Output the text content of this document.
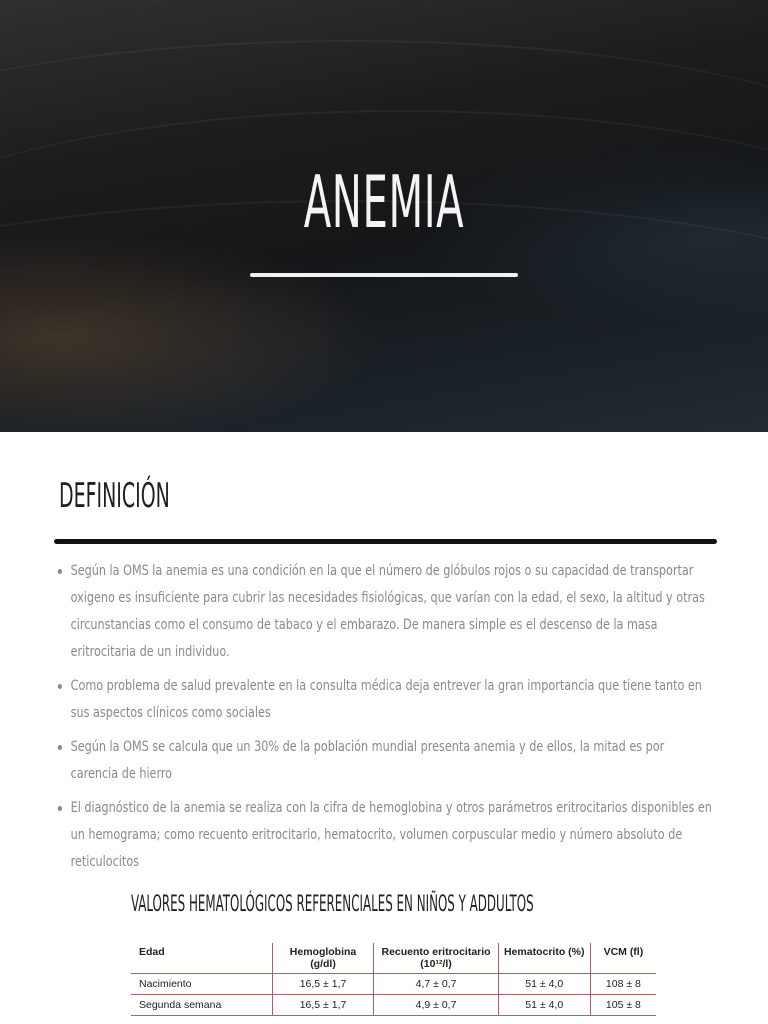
ANEMIA
DEFINICIÓN
Según la OMS la anemia es una condición en la que el número de glóbulos rojos o su capacidad de transportar oxigeno es insuficiente para cubrir las necesidades fisiológicas, que varían con la edad, el sexo, la altitud y otras circunstancias como el consumo de tabaco y el embarazo. De manera simple es el descenso de la masa eritrocitaria de un individuo.
Como problema de salud prevalente en la consulta médica deja entrever la gran importancia que tiene tanto en sus aspectos clínicos como sociales
Según la OMS se calcula que un 30% de la población mundial presenta anemia y de ellos, la mitad es por carencia de hierro
El diagnóstico de la anemia se realiza con la cifra de hemoglobina y otros parámetros eritrocitarios disponibles en un hemograma; como recuento eritrocitario, hematocrito, volumen corpuscular medio y número absoluto de reticulocitos
VALORES HEMATOLÓGICOS REFERENCIALES EN NIÑOS Y ADDULTOS
Edad	Hemoglobina (g/dl)	Recuento eritrocitario (10¹²/l)	Hematocrito (%)	VCM (fl)
Nacimiento	16,5 ± 1,7	4,7 ± 0,7	51 ± 4,0	108 ± 8
Segunda semana	16,5 ± 1,7	4,9 ± 0,7	51 ± 4,0	105 ± 8
